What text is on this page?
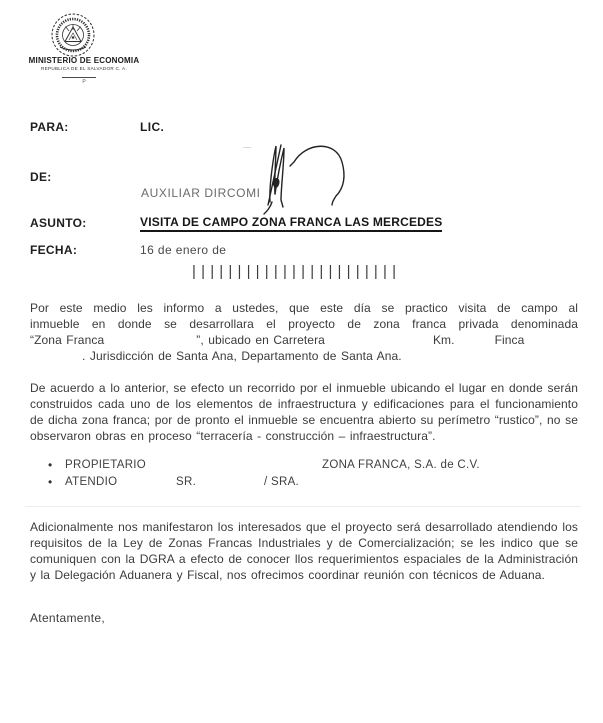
MINISTERIO DE ECONOMIA
REPUBLICA DE EL SALVADOR C. A.
P
PARA:	LIC.
DE:
AUXILIAR DIRCOMI
ASUNTO:	VISITA DE CAMPO ZONA FRANCA LAS MERCEDES
FECHA:	16 de enero de
|||||||||||||||||||||||
Por este medio les informo a ustedes, que este día se practico visita de campo al
inmueble en donde se desarrollara el proyecto de zona franca privada denominada
“Zona Franca	”, ubicado en Carretera	Km.	Finca
. Jurisdicción de Santa Ana, Departamento de Santa Ana.
De acuerdo a lo anterior, se efecto un recorrido por el inmueble ubicando el lugar en donde serán construidos cada uno de los elementos de infraestructura y edificaciones para el funcionamiento de dicha zona franca; por de pronto el inmueble se encuentra abierto su perímetro “rustico”, no se observaron obras en proceso “terracería - construcción – infraestructura”.
• PROPIETARIO	ZONA FRANCA, S.A. de C.V.
• ATENDIO	SR.	/ SRA.
Adicionalmente nos manifestaron los interesados que el proyecto será desarrollado atendiendo los requisitos de la Ley de Zonas Francas Industriales y de Comercialización; se les indico que se comuniquen con la DGRA a efecto de conocer llos requerimientos espaciales de la Administración y la Delegación Aduanera y Fiscal, nos ofrecimos coordinar reunión con técnicos de Aduana.
Atentamente,
